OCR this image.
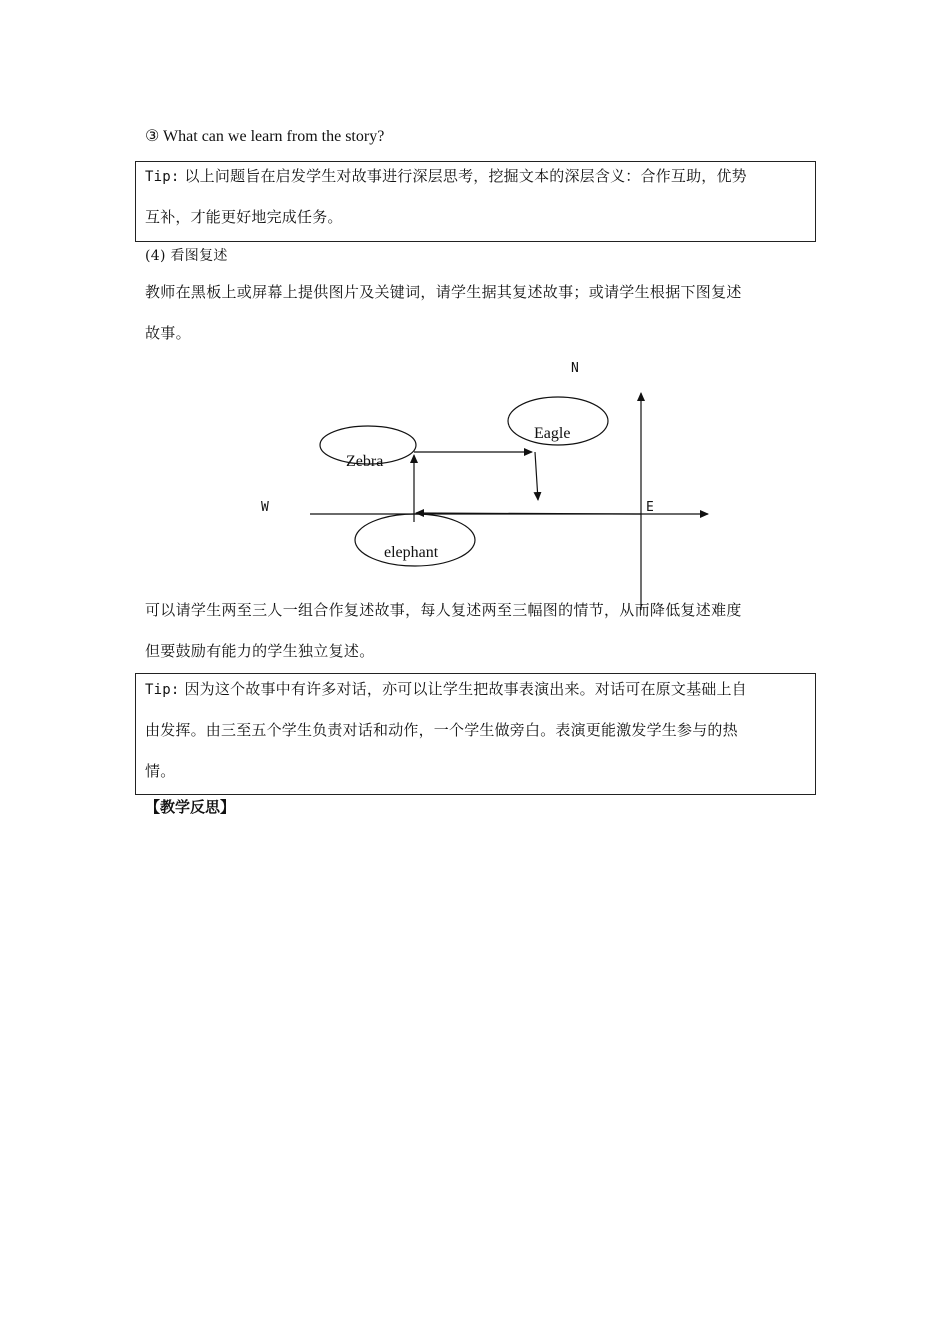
③ What can we learn from the story?
Tip: 以上问题旨在启发学生对故事进行深层思考，挖掘文本的深层含义：合作互助，优势
互补，才能更好地完成任务。
(4) 看图复述
教师在黑板上或屏幕上提供图片及关键词，请学生据其复述故事；或请学生根据下图复述
故事。
N
W	E
Eagle
Zebra
elephant
可以请学生两至三人一组合作复述故事，每人复述两至三幅图的情节，从而降低复述难度
但要鼓励有能力的学生独立复述。
Tip: 因为这个故事中有许多对话，亦可以让学生把故事表演出来。对话可在原文基础上自
由发挥。由三至五个学生负责对话和动作，一个学生做旁白。表演更能激发学生参与的热
情。
【教学反思】
